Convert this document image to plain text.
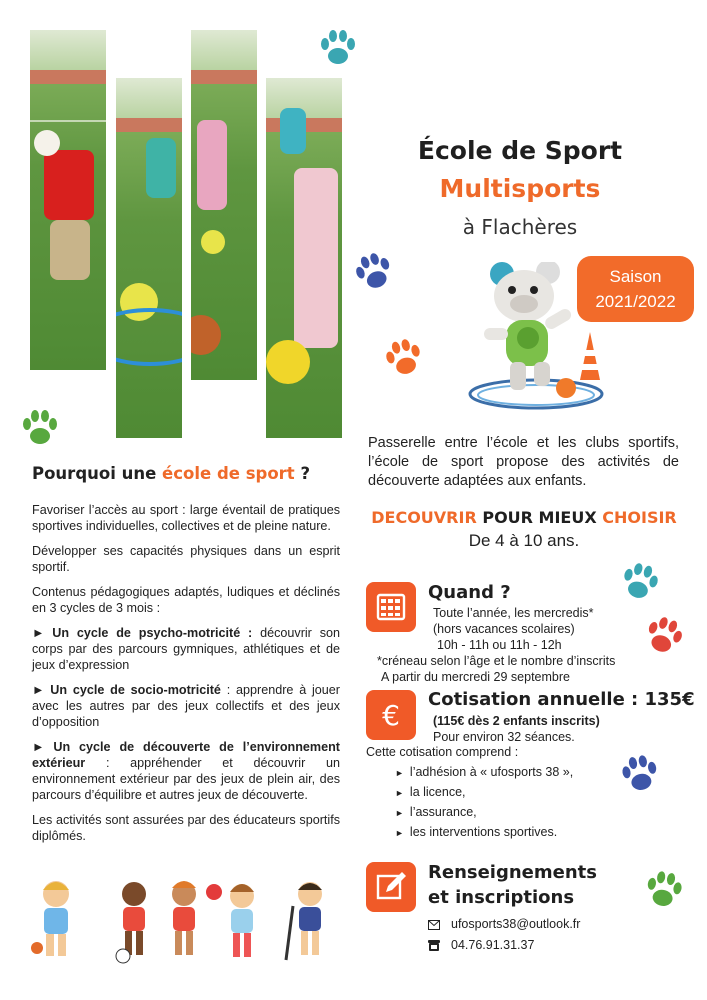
École de Sport
Multisports
à Flachères
Saison
2021/2022
Passerelle entre l’école et les clubs sportifs, l’école de sport propose des activités de découverte adaptées aux enfants.
DECOUVRIR POUR MIEUX CHOISIR
De 4 à 10 ans.
Pourquoi une école de sport ?

Favoriser l’accès au sport : large éventail de pratiques sportives individuelles, collectives et de pleine nature.

Développer ses capacités physiques dans un esprit sportif.

Contenus pédagogiques adaptés, ludiques et déclinés en 3 cycles de 3 mois :

► Un cycle de psycho-motricité : découvrir son corps par des parcours gymniques, athlétiques et de jeux d’expression

► Un cycle de socio-motricité : apprendre à jouer avec les autres par des jeux collectifs et des jeux d’opposition

► Un cycle de découverte de l’environnement extérieur : appréhender et découvrir un environnement extérieur par des jeux de plein air, des parcours d’équilibre et autres jeux de découverte.

Les activités sont assurées par des éducateurs sportifs diplômés.

Quand ?
Toute l’année, les mercredis*
(hors vacances scolaires)
10h - 11h ou 11h - 12h
*créneau selon l’âge et le nombre d’inscrits
A partir du mercredi 29 septembre
€ Cotisation annuelle : 135€
(115€ dès 2 enfants inscrits)
Pour environ 32 séances.
Cette cotisation comprend :
► l’adhésion à « ufosports 38 »,
► la licence,
► l’assurance,
► les interventions sportives.
Renseignements
et inscriptions
ufosports38@outlook.fr
04.76.91.31.37
